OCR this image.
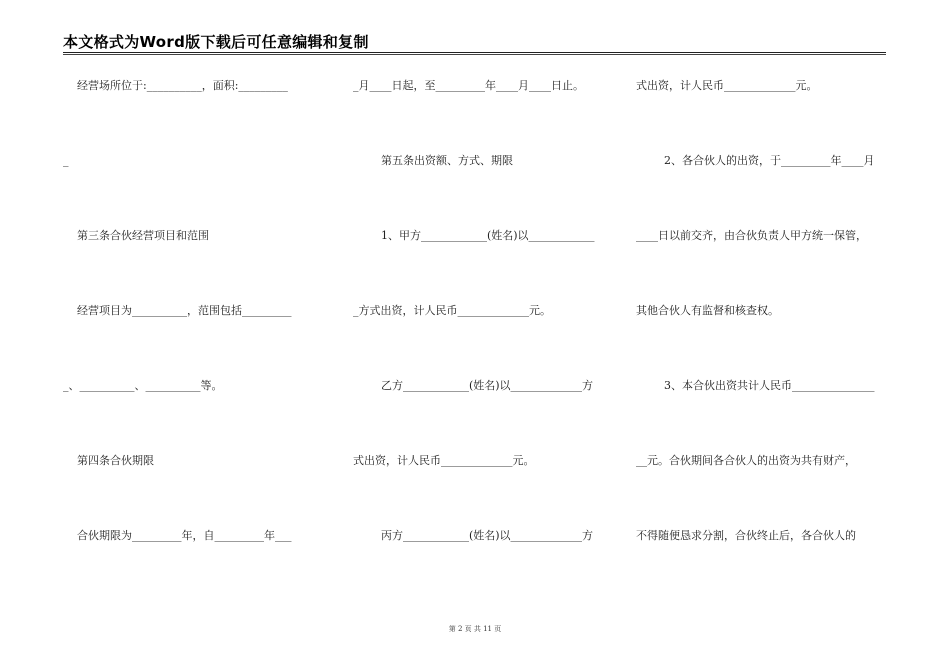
本文格式为Word版下载后可任意编辑和复制
经营场所位于:__________，面积:_________
_
第三条合伙经营项目和范围
经营项目为__________，范围包括_________
_、__________、__________等。
第四条合伙期限
合伙期限为_________年，自_________年___
_月____日起，至_________年____月____日止。
第五条出资额、方式、期限
1、甲方____________(姓名)以____________
_方式出资，计人民币_____________元。
乙方____________(姓名)以_____________方
式出资，计人民币_____________元。
丙方____________(姓名)以_____________方
式出资，计人民币_____________元。
2、各合伙人的出资，于_________年____月
____日以前交齐，由合伙负责人甲方统一保管，
其他合伙人有监督和核查权。
3、本合伙出资共计人民币_______________
__元。合伙期间各合伙人的出资为共有财产，
不得随便恳求分割，合伙终止后，各合伙人的
第 2 页 共 11 页
